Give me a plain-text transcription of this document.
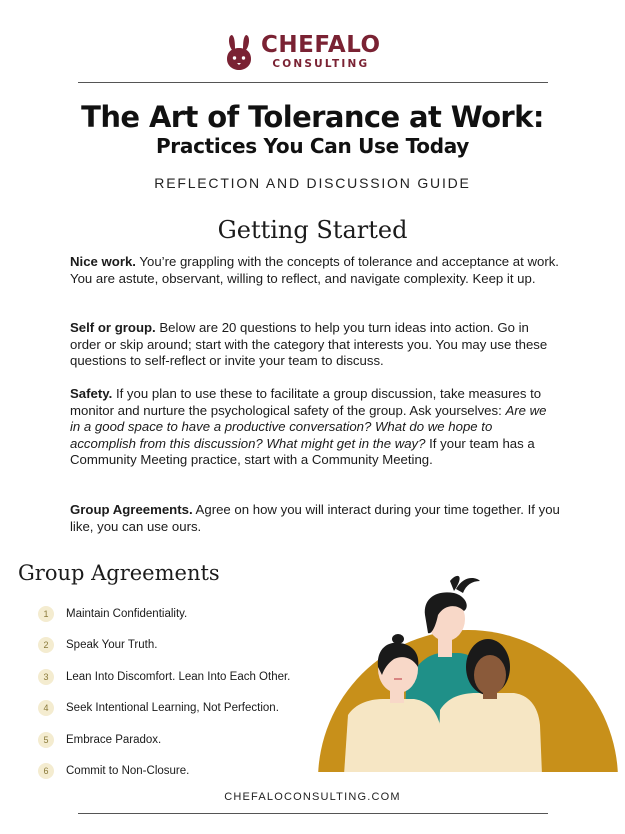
CHEFALO
CONSULTING
The Art of Tolerance at Work:
Practices You Can Use Today
REFLECTION AND DISCUSSION GUIDE
Getting Started
Nice work. You’re grappling with the concepts of tolerance and acceptance at work. You are astute, observant, willing to reflect, and navigate complexity. Keep it up.
Self or group. Below are 20 questions to help you turn ideas into action. Go in order or skip around; start with the category that interests you. You may use these questions to self-reflect or invite your team to discuss.
Safety. If you plan to use these to facilitate a group discussion, take measures to monitor and nurture the psychological safety of the group. Ask yourselves: Are we in a good space to have a productive conversation? What do we hope to accomplish from this discussion? What might get in the way? If your team has a Community Meeting practice, start with a Community Meeting.
Group Agreements. Agree on how you will interact during your time together. If you like, you can use ours.
Group Agreements
1	Maintain Confidentiality.
2	Speak Your Truth.
3	Lean Into Discomfort. Lean Into Each Other.
4	Seek Intentional Learning, Not Perfection.
5	Embrace Paradox.
6	Commit to Non-Closure.
CHEFALOCONSULTING.COM
